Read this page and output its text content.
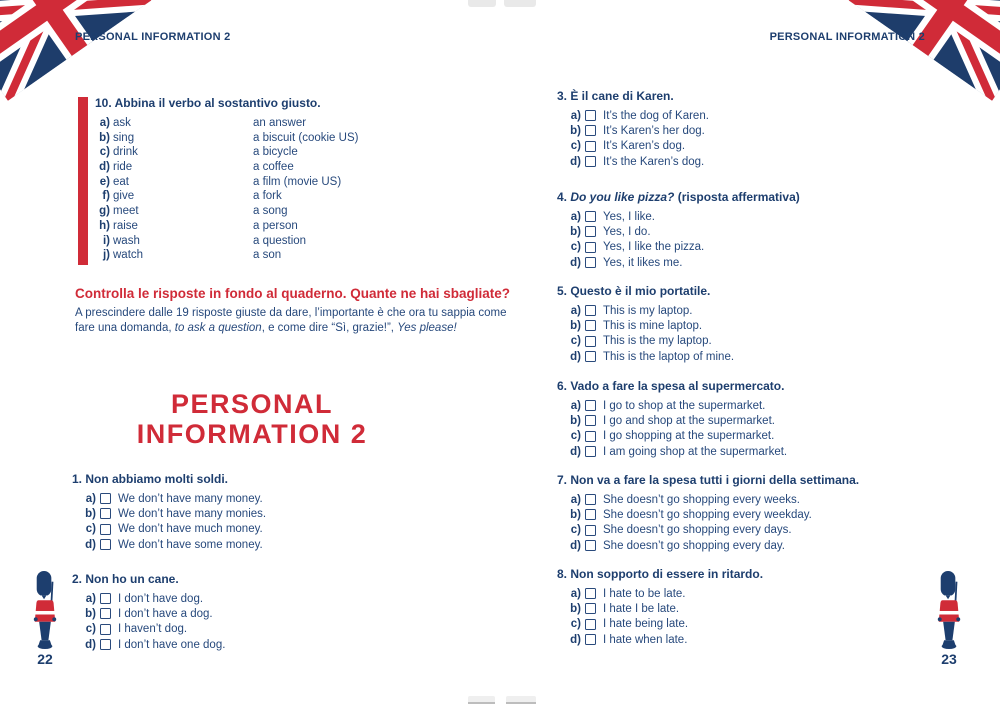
PERSONAL INFORMATION 2	PERSONAL INFORMATION 2
10. Abbina il verbo al sostantivo giusto.
a) ask	an answer
b) sing	a biscuit (cookie US)
c) drink	a bicycle
d) ride	a coffee
e) eat	a film (movie US)
f) give	a fork
g) meet	a song
h) raise	a person
i) wash	a question
j) watch	a son

Controlla le risposte in fondo al quaderno. Quante ne hai sbagliate?

A prescindere dalle 19 risposte giuste da dare, l’importante è che ora tu sappia come fare una domanda, to ask a question, e come dire “Sì, grazie!”, Yes please!

PERSONAL
INFORMATION 2
1. Non abbiamo molti soldi.
a) We don’t have many money.
b) We don’t have many monies.
c) We don’t have much money.
d) We don’t have some money.
2. Non ho un cane.
a) I don’t have dog.
b) I don’t have a dog.
c) I haven’t dog.
d) I don’t have one dog.
3. È il cane di Karen.
a) It’s the dog of Karen.
b) It’s Karen’s her dog.
c) It’s Karen’s dog.
d) It’s the Karen’s dog.
4. Do you like pizza? (risposta affermativa)
a) Yes, I like.
b) Yes, I do.
c) Yes, I like the pizza.
d) Yes, it likes me.
5. Questo è il mio portatile.
a) This is my laptop.
b) This is mine laptop.
c) This is the my laptop.
d) This is the laptop of mine.
6. Vado a fare la spesa al supermercato.
a) I go to shop at the supermarket.
b) I go and shop at the supermarket.
c) I go shopping at the supermarket.
d) I am going shop at the supermarket.
7. Non va a fare la spesa tutti i giorni della settimana.
a) She doesn’t go shopping every weeks.
b) She doesn’t go shopping every weekday.
c) She doesn’t go shopping every days.
d) She doesn’t go shopping every day.
8. Non sopporto di essere in ritardo.
a) I hate to be late.
b) I hate I be late.
c) I hate being late.
d) I hate when late.
22	23
